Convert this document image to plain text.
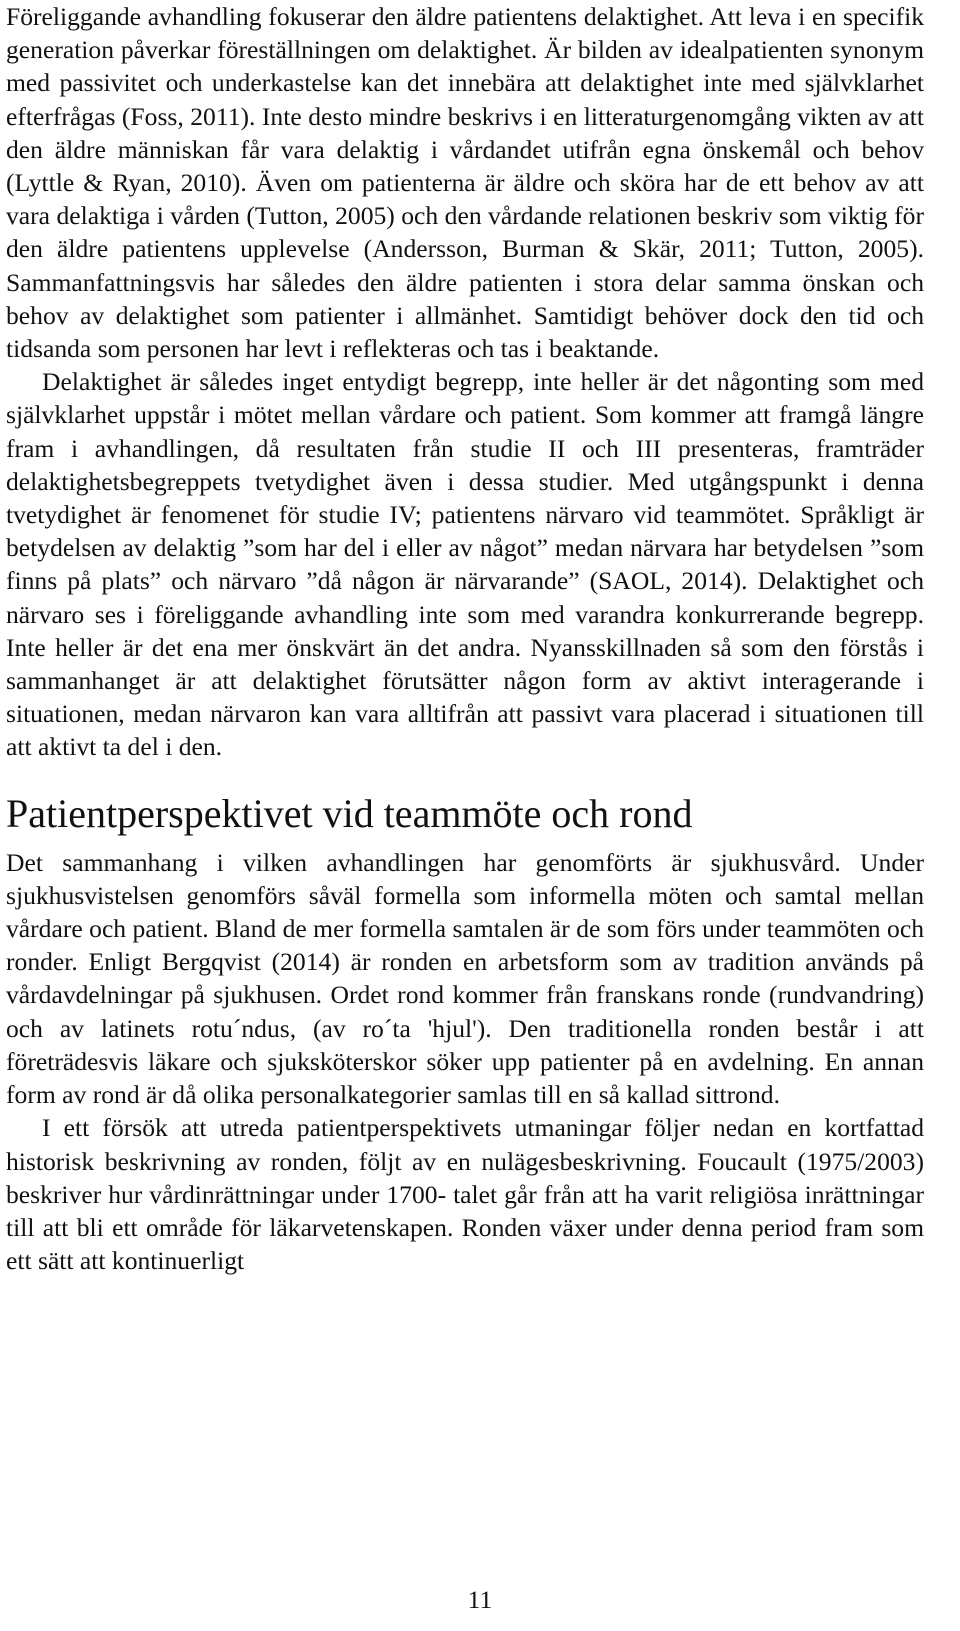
Föreliggande avhandling fokuserar den äldre patientens delaktighet. Att leva i en specifik generation påverkar föreställningen om delaktighet. Är bilden av idealpatienten synonym med passivitet och underkastelse kan det innebära att delaktighet inte med självklarhet efterfrågas (Foss, 2011). Inte desto mindre beskrivs i en litteraturgenomgång vikten av att den äldre människan får vara delaktig i vårdandet utifrån egna önskemål och behov (Lyttle & Ryan, 2010). Även om patienterna är äldre och sköra har de ett behov av att vara delaktiga i vården (Tutton, 2005) och den vårdande relationen beskriv som viktig för den äldre patientens upplevelse (Andersson, Burman & Skär, 2011; Tutton, 2005). Sammanfattningsvis har således den äldre patienten i stora delar samma önskan och behov av delaktighet som patienter i allmänhet. Samtidigt behöver dock den tid och tidsanda som personen har levt i reflekteras och tas i beaktande.

Delaktighet är således inget entydigt begrepp, inte heller är det någonting som med självklarhet uppstår i mötet mellan vårdare och patient. Som kommer att framgå längre fram i avhandlingen, då resultaten från studie II och III presenteras, framträder delaktighetsbegreppets tvetydighet även i dessa studier. Med utgångspunkt i denna tvetydighet är fenomenet för studie IV; patientens närvaro vid teammötet. Språkligt är betydelsen av delaktig ”som har del i eller av något” medan närvara har betydelsen ”som finns på plats” och närvaro ”då någon är närvarande” (SAOL, 2014). Delaktighet och närvaro ses i föreliggande avhandling inte som med varandra konkurrerande begrepp. Inte heller är det ena mer önskvärt än det andra. Nyansskillnaden så som den förstås i sammanhanget är att delaktighet förutsätter någon form av aktivt interagerande i situationen, medan närvaron kan vara alltifrån att passivt vara placerad i situationen till att aktivt ta del i den.

Patientperspektivet vid teammöte och rond

Det sammanhang i vilken avhandlingen har genomförts är sjukhusvård. Under sjukhusvistelsen genomförs såväl formella som informella möten och samtal mellan vårdare och patient. Bland de mer formella samtalen är de som förs under teammöten och ronder. Enligt Bergqvist (2014) är ronden en arbetsform som av tradition används på vårdavdelningar på sjukhusen. Ordet rond kommer från franskans ronde (rundvandring) och av latinets rotu´ndus, (av ro´ta 'hjul'). Den traditionella ronden består i att företrädesvis läkare och sjuksköterskor söker upp patienter på en avdelning. En annan form av rond är då olika personalkategorier samlas till en så kallad sittrond.

I ett försök att utreda patientperspektivets utmaningar följer nedan en kortfattad historisk beskrivning av ronden, följt av en nulägesbeskrivning. Foucault (1975/2003) beskriver hur vårdinrättningar under 1700- talet går från att ha varit religiösa inrättningar till att bli ett område för läkarvetenskapen. Ronden växer under denna period fram som ett sätt att kontinuerligt

11
